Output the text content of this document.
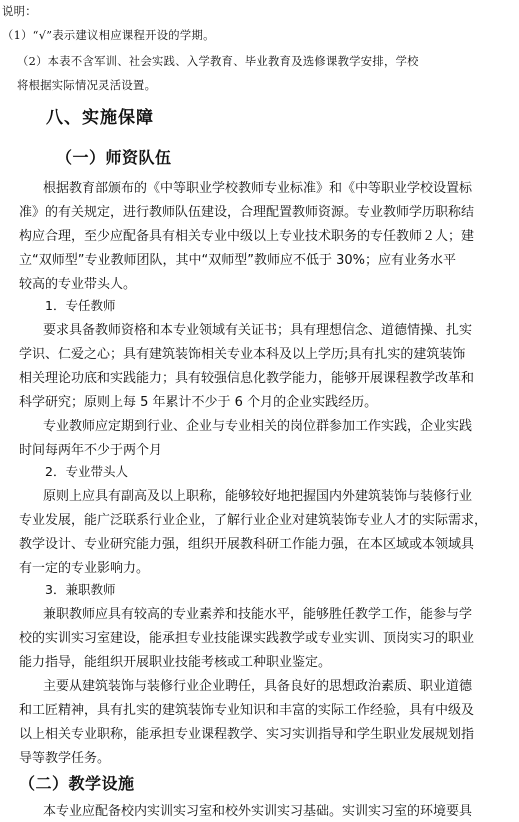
说明：
（1）“√”表示建议相应课程开设的学期。
（2）本表不含军训、社会实践、入学教育、毕业教育及选修课教学安排，学校
将根据实际情况灵活设置。
八、实施保障
（一）师资队伍
根据教育部颁布的《中等职业学校教师专业标准》和《中等职业学校设置标
准》的有关规定，进行教师队伍建设，合理配置教师资源。专业教师学历职称结
构应合理，至少应配备具有相关专业中级以上专业技术职务的专任教师２人；建
立“双师型”专业教师团队，其中“双师型”教师应不低于 30%；应有业务水平
较高的专业带头人。
1．专任教师
要求具备教师资格和本专业领域有关证书；具有理想信念、道德情操、扎实
学识、仁爱之心；具有建筑装饰相关专业本科及以上学历;具有扎实的建筑装饰
相关理论功底和实践能力；具有较强信息化教学能力，能够开展课程教学改革和
科学研究；原则上每 5 年累计不少于 6 个月的企业实践经历。
专业教师应定期到行业、企业与专业相关的岗位群参加工作实践，企业实践
时间每两年不少于两个月
2．专业带头人
原则上应具有副高及以上职称，能够较好地把握国内外建筑装饰与装修行业
专业发展，能广泛联系行业企业，了解行业企业对建筑装饰专业人才的实际需求，
教学设计、专业研究能力强，组织开展教科研工作能力强，在本区域或本领域具
有一定的专业影响力。
3．兼职教师
兼职教师应具有较高的专业素养和技能水平，能够胜任教学工作，能参与学
校的实训实习室建设，能承担专业技能课实践教学或专业实训、顶岗实习的职业
能力指导，能组织开展职业技能考核或工种职业鉴定。
主要从建筑装饰与装修行业企业聘任，具备良好的思想政治素质、职业道德
和工匠精神，具有扎实的建筑装饰专业知识和丰富的实际工作经验，具有中级及
以上相关专业职称，能承担专业课程教学、实习实训指导和学生职业发展规划指
导等教学任务。
（二）教学设施
本专业应配备校内实训实习室和校外实训实习基础。实训实习室的环境要具
